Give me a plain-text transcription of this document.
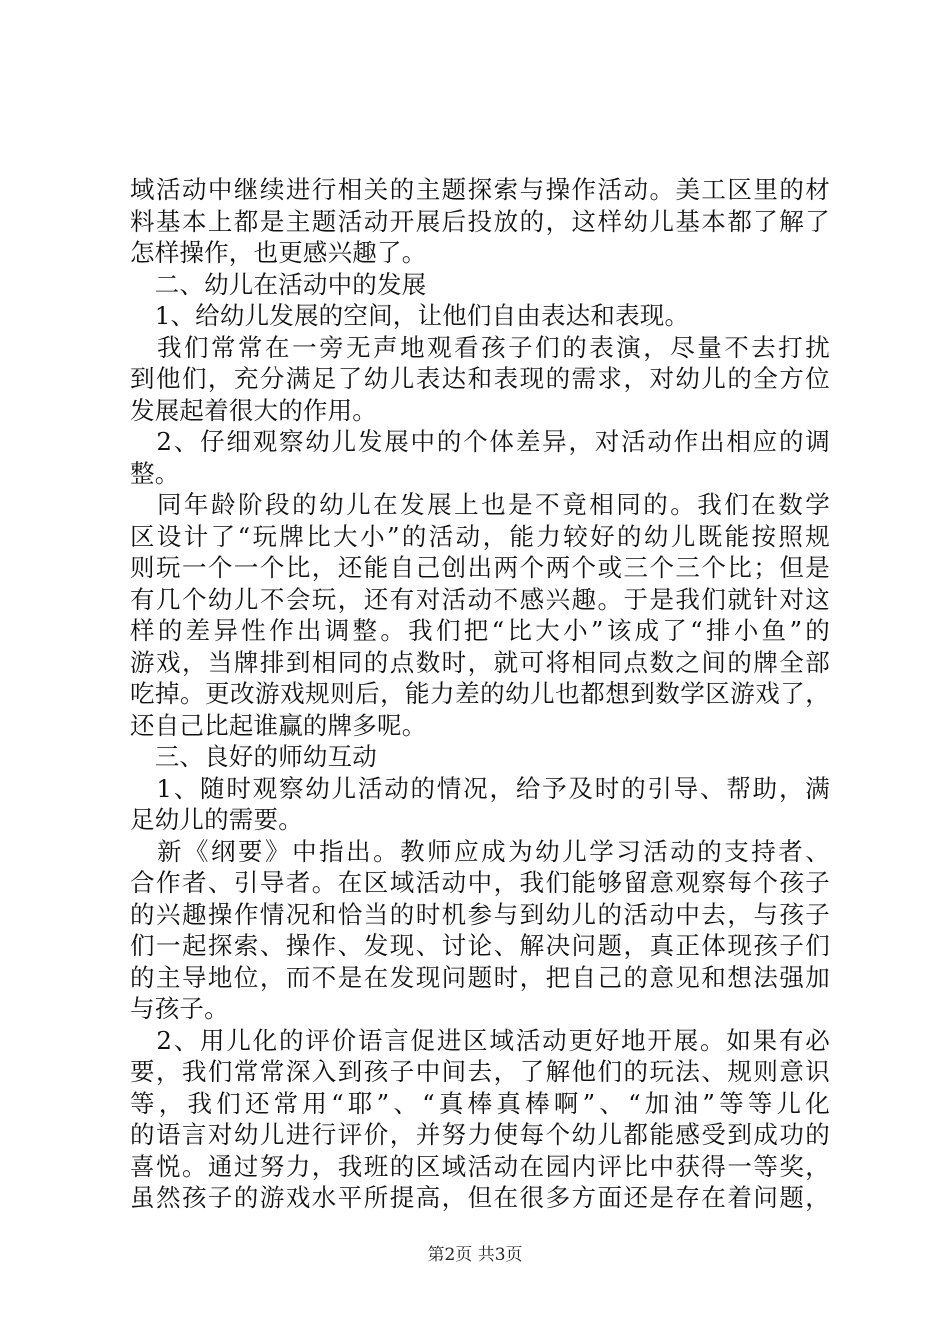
域活动中继续进行相关的主题探索与操作活动。美工区里的材
料基本上都是主题活动开展后投放的，这样幼儿基本都了解了
怎样操作，也更感兴趣了。
　二、幼儿在活动中的发展
　1、给幼儿发展的空间，让他们自由表达和表现。
　我们常常在一旁无声地观看孩子们的表演，尽量不去打扰
到他们，充分满足了幼儿表达和表现的需求，对幼儿的全方位
发展起着很大的作用。
　2、仔细观察幼儿发展中的个体差异，对活动作出相应的调
整。
　同年龄阶段的幼儿在发展上也是不竟相同的。我们在数学
区设计了“玩牌比大小”的活动，能力较好的幼儿既能按照规
则玩一个一个比，还能自己创出两个两个或三个三个比；但是
有几个幼儿不会玩，还有对活动不感兴趣。于是我们就针对这
样的差异性作出调整。我们把“比大小”该成了“排小鱼”的
游戏，当牌排到相同的点数时，就可将相同点数之间的牌全部
吃掉。更改游戏规则后，能力差的幼儿也都想到数学区游戏了，
还自己比起谁赢的牌多呢。
　三、良好的师幼互动
　1、随时观察幼儿活动的情况，给予及时的引导、帮助，满
足幼儿的需要。
　新《纲要》中指出。教师应成为幼儿学习活动的支持者、
合作者、引导者。在区域活动中，我们能够留意观察每个孩子
的兴趣操作情况和恰当的时机参与到幼儿的活动中去，与孩子
们一起探索、操作、发现、讨论、解决问题，真正体现孩子们
的主导地位，而不是在发现问题时，把自己的意见和想法强加
与孩子。
　2、用儿化的评价语言促进区域活动更好地开展。如果有必
要，我们常常深入到孩子中间去，了解他们的玩法、规则意识
等，我们还常用“耶”、“真棒真棒啊”、“加油”等等儿化
的语言对幼儿进行评价，并努力使每个幼儿都能感受到成功的
喜悦。通过努力，我班的区域活动在园内评比中获得一等奖，
虽然孩子的游戏水平所提高，但在很多方面还是存在着问题，
第2页 共3页
